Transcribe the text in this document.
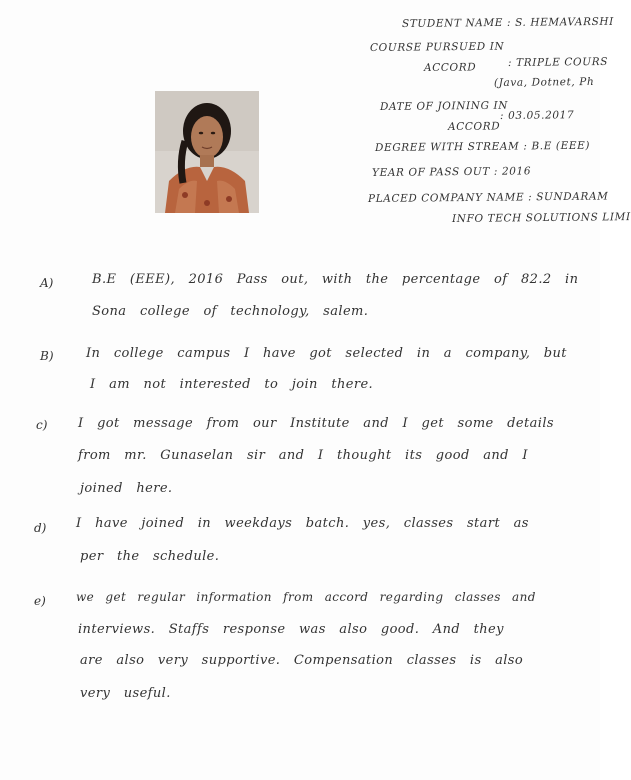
STUDENT NAME : S. HEMAVARSHI
COURSE PURSUED IN
ACCORD	: TRIPLE COURS
(Java, Dotnet, Ph
DATE OF JOINING IN
ACCORD
: 03.05.2017
DEGREE WITH STREAM : B.E (EEE)
YEAR OF PASS OUT : 2016
PLACED COMPANY NAME : SUNDARAM
INFO TECH SOLUTIONS LIMI
A)	B.E (EEE), 2016 Pass out, with the percentage of 82.2 in
Sona college of technology, salem.
B)	In college campus I have got selected in a company, but
I am not interested to join there.
c) I got message from our Institute and I get some details
from mr. Gunaselan sir and I thought its good and I
joined here.
d) I have joined in weekdays batch. yes, classes start as
per the schedule.
e)	we get regular information from accord regarding classes and
interviews. Staffs response was also good. And they
are also very supportive. Compensation classes is also
very useful.
